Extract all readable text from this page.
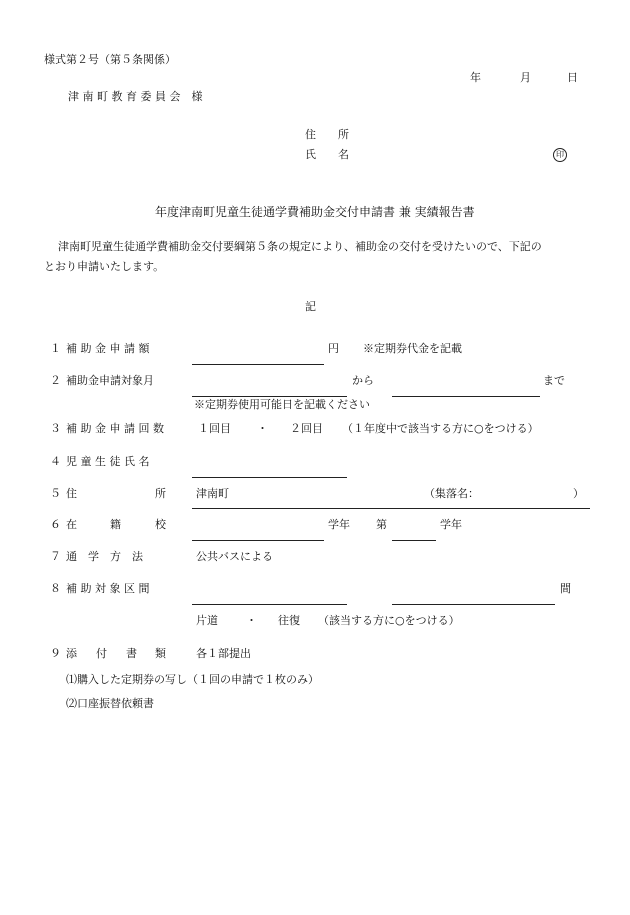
様式第２号（第５条関係）
年	月	日
津 南 町 教 育 委 員 会　様
住　　所
氏　　名	印
年度津南町児童生徒通学費補助金交付申請書 兼 実績報告書
津南町児童生徒通学費補助金交付要綱第５条の規定により、補助金の交付を受けたいので、下記の
とおり申請いたします。
記
１ 補 助 金 申 請 額	円 ※定期券代金を記載
２ 補助金申請対象月	から	まで
※定期券使用可能日を記載ください
３ 補 助 金 申 請 回 数	１回目 ・ ２回目 （１年度中で該当する方に○をつける）
４ 児 童 生 徒 氏 名
５ 住	所	津南町	（集落名：	）
６ 在	籍	校	学年 第	学年
７ 通　学　方　法	公共バスによる
８ 補 助 対 象 区 間	間
片道	・ 往復 （該当する方に○をつける）
９ 添 付 書 類	各１部提出
⑴購入した定期券の写し（１回の申請で１枚のみ）
⑵口座振替依頼書
